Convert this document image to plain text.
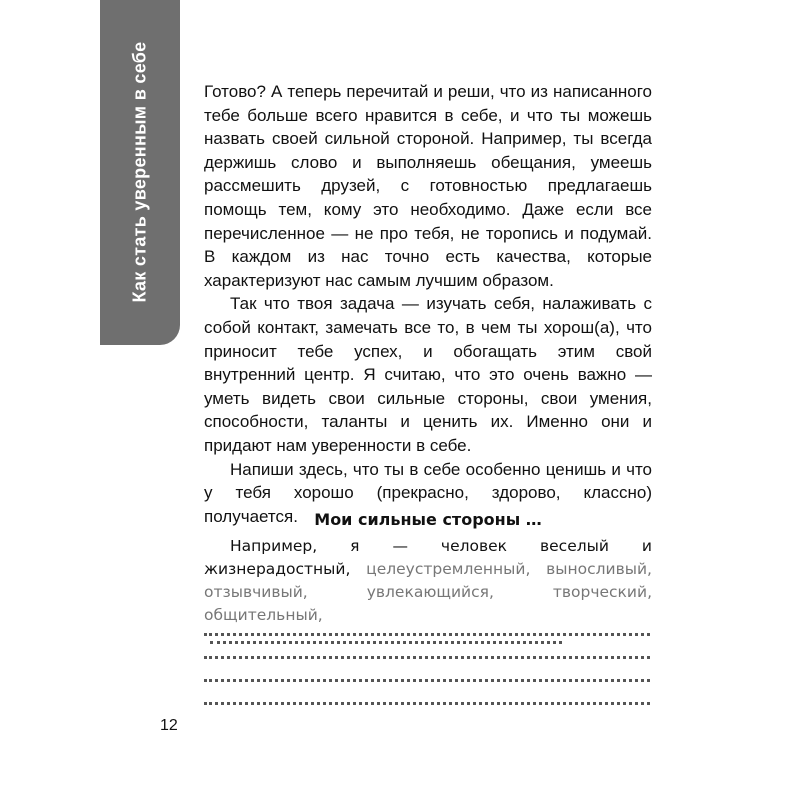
Как стать уверенным в себе	Готово? А теперь перечитай и реши, что из написанного тебе больше всего нравится в себе, и что ты можешь назвать своей сильной стороной. Например, ты всегда держишь слово и выполняешь обещания, умеешь рассмешить друзей, с готовностью предлагаешь помощь тем, кому это необходимо. Даже если все перечисленное — не про тебя, не торопись и подумай. В каждом из нас точно есть качества, которые характеризуют нас самым лучшим образом.

Так что твоя задача — изучать себя, налаживать с собой контакт, замечать все то, в чем ты хорош(а), что приносит тебе успех, и обогащать этим свой внутренний центр. Я считаю, что это очень важно — уметь видеть свои сильные стороны, свои умения, способности, таланты и ценить их. Именно они и придают нам уверенности в себе.

Напиши здесь, что ты в себе особенно ценишь и что у тебя хорошо (прекрасно, здорово, классно) получается.	Мои сильные стороны …

Например, я — человек веселый и жизнерадостный, целеустремленный, выносливый, отзывчивый, увлекающийся, творческий, общительный,

12
